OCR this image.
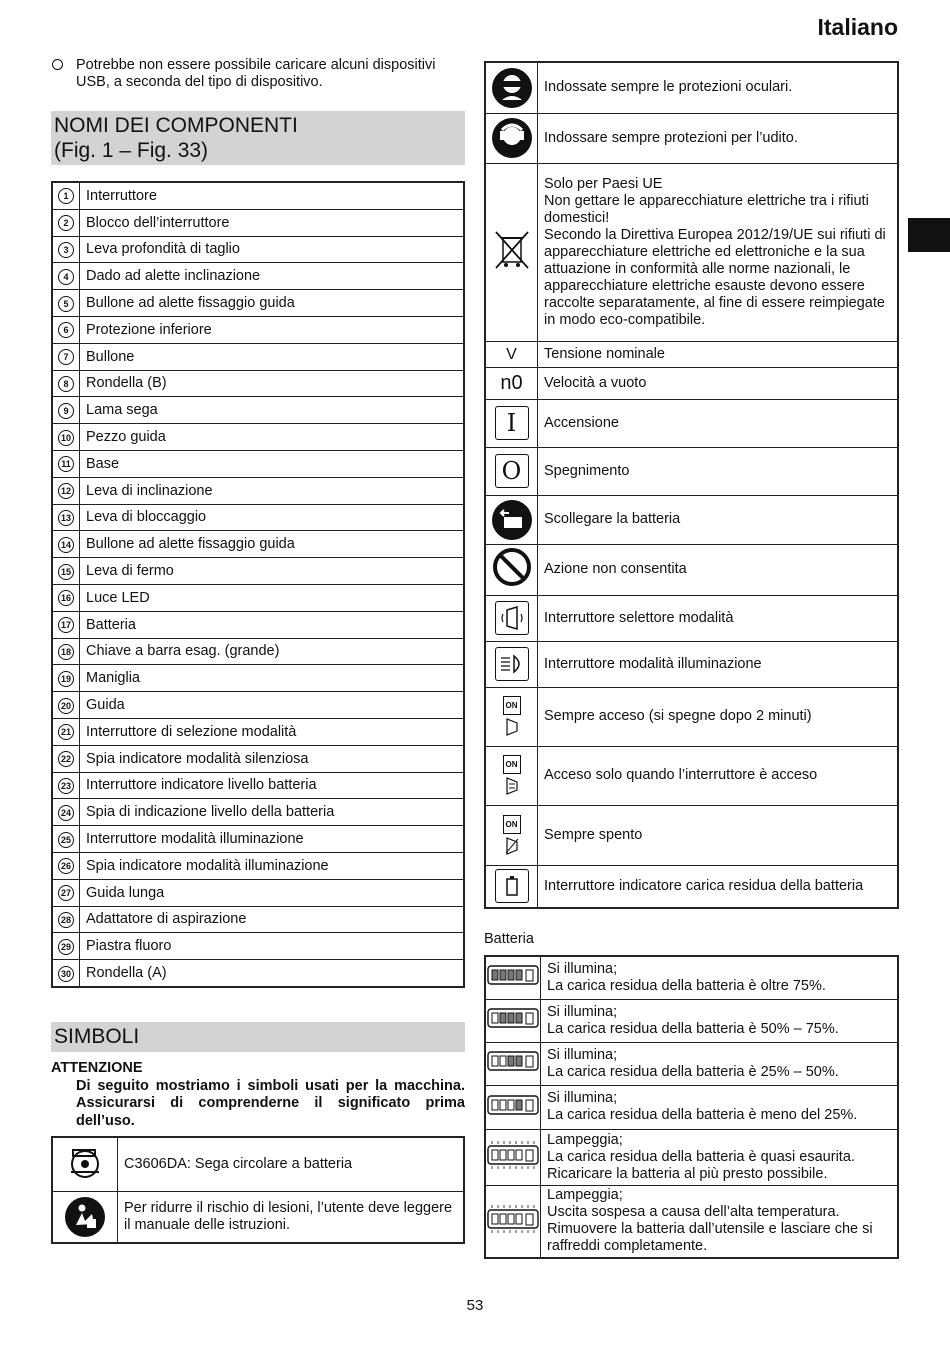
Italiano
Potrebbe non essere possibile caricare alcuni dispositivi USB, a seconda del tipo di dispositivo.
NOMI DEI COMPONENTI
(Fig. 1 – Fig. 33)
1	Interruttore
2	Blocco dell’interruttore
3	Leva profondità di taglio
4	Dado ad alette inclinazione
5	Bullone ad alette fissaggio guida
6	Protezione inferiore
7	Bullone
8	Rondella (B)
9	Lama sega
10	Pezzo guida
11	Base
12	Leva di inclinazione
13	Leva di bloccaggio
14	Bullone ad alette fissaggio guida
15	Leva di fermo
16	Luce LED
17	Batteria
18	Chiave a barra esag. (grande)
19	Maniglia
20	Guida
21	Interruttore di selezione modalità
22	Spia indicatore modalità silenziosa
23	Interruttore indicatore livello batteria
24	Spia di indicazione livello della batteria
25	Interruttore modalità illuminazione
26	Spia indicatore modalità illuminazione
27	Guida lunga
28	Adattatore di aspirazione
29	Piastra fluoro
30	Rondella (A)
SIMBOLI
ATTENZIONE
Di seguito mostriamo i simboli usati per la macchina. Assicurarsi di comprenderne il significato prima dell’uso.
	C3606DA: Sega circolare a batteria

	Per ridurre il rischio di lesioni, l’utente deve leggere il manuale delle istruzioni.
	Indossate sempre le protezioni oculari.

	Indossare sempre protezioni per l’udito.

Solo per Paesi UE
Non gettare le apparecchiature elettriche tra i rifiuti domestici!
Secondo la Direttiva Europea 2012/19/UE sui rifiuti di apparecchiature elettriche ed elettroniche e la sua attuazione in conformità alle norme nazionali, le apparecchiature elettriche esauste devono essere raccolte separatamente, al fine di essere reimpiegate in modo eco-compatibile.

V	Tensione nominale
n0	Velocità a vuoto
I	Accensione
O	Spegnimento

	Scollegare la batteria
	Azione non consentita

	Interruttore selettore modalità

	Interruttore modalità illuminazione
ON	Sempre acceso (si spegne dopo 2 minuti)
ON	Acceso solo quando l’interruttore è acceso
ON	Sempre spento

	Interruttore indicatore carica residua della batteria
Batteria

Si illumina;
La carica residua della batteria è oltre 75%.

Si illumina;
La carica residua della batteria è 50% – 75%.

Si illumina;
La carica residua della batteria è 25% – 50%.

Si illumina;
La carica residua della batteria è meno del 25%.

Lampeggia;
La carica residua della batteria è quasi esaurita. Ricaricare la batteria al più presto possibile.

Lampeggia;
Uscita sospesa a causa dell’alta temperatura. Rimuovere la batteria dall’utensile e lasciare che si raffreddi completamente.
53
